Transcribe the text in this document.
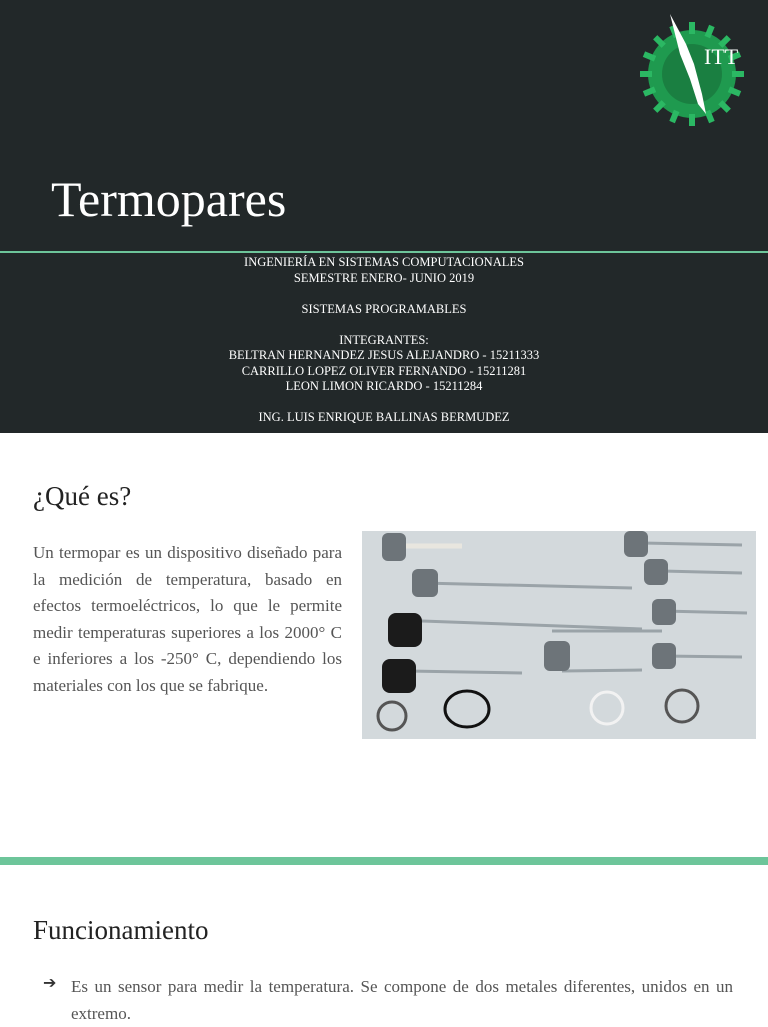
ITT
Termopares
INGENIERÍA EN SISTEMAS COMPUTACIONALES
SEMESTRE ENERO- JUNIO 2019
SISTEMAS PROGRAMABLES
INTEGRANTES:
BELTRAN HERNANDEZ JESUS ALEJANDRO - 15211333
CARRILLO LOPEZ OLIVER FERNANDO - 15211281
LEON LIMON RICARDO - 15211284
ING. LUIS ENRIQUE BALLINAS BERMUDEZ
¿Qué es?
Un termopar es un dispositivo diseñado para la medición de temperatura, basado en efectos termoeléctricos, lo que le permite medir temperaturas superiores a los 2000° C e inferiores a los -250° C, dependiendo los materiales con los que se fabrique.
Funcionamiento
➔ Es un sensor para medir la temperatura. Se compone de dos metales diferentes, unidos en un extremo.
